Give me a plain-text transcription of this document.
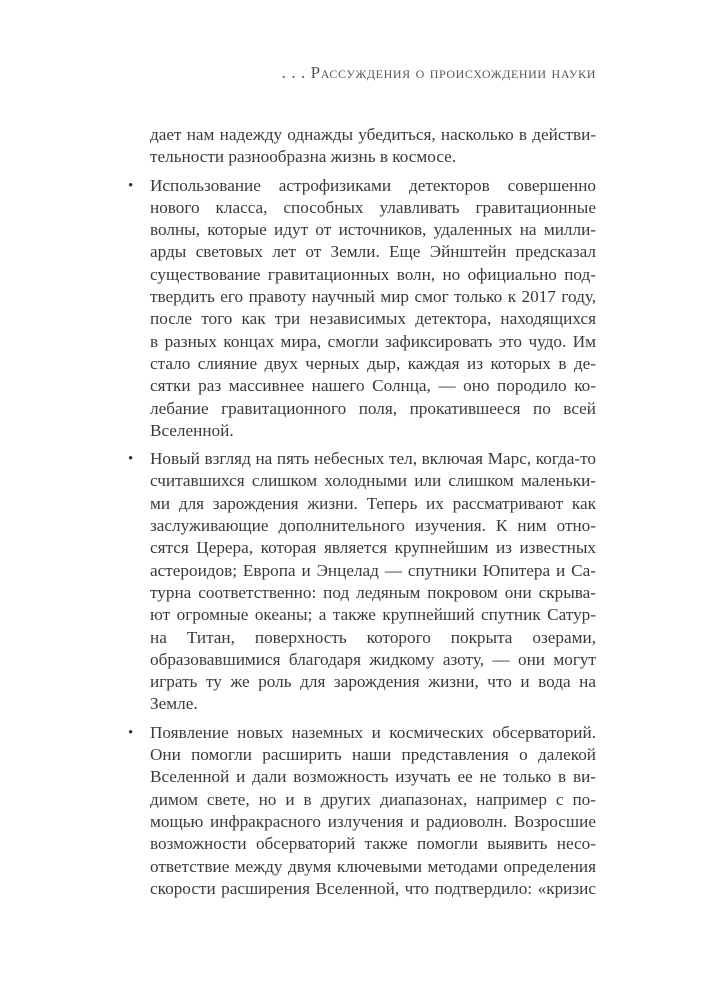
. . . Рассуждения о происхождении науки
дает нам надежду однажды убедиться, насколько в действи-
тельности разнообразна жизнь в космосе.
• Использование астрофизиками детекторов совершенно
нового класса, способных улавливать гравитационные
волны, которые идут от источников, удаленных на милли-
арды световых лет от Земли. Еще Эйнштейн предсказал
существование гравитационных волн, но официально под-
твердить его правоту научный мир смог только к 2017 году,
после того как три независимых детектора, находящихся
в разных концах мира, смогли зафиксировать это чудо. Им
стало слияние двух черных дыр, каждая из которых в де-
сятки раз массивнее нашего Солнца, — оно породило ко-
лебание гравитационного поля, прокатившееся по всей
Вселенной.
• Новый взгляд на пять небесных тел, включая Марс, когда-то
считавшихся слишком холодными или слишком маленьки-
ми для зарождения жизни. Теперь их рассматривают как
заслуживающие дополнительного изучения. К ним отно-
сятся Церера, которая является крупнейшим из известных
астероидов; Европа и Энцелад — спутники Юпитера и Са-
турна соответственно: под ледяным покровом они скрыва-
ют огромные океаны; а также крупнейший спутник Сатур-
на Титан, поверхность которого покрыта озерами,
образовавшимися благодаря жидкому азоту, — они могут
играть ту же роль для зарождения жизни, что и вода на
Земле.
• Появление новых наземных и космических обсерваторий.
Они помогли расширить наши представления о далекой
Вселенной и дали возможность изучать ее не только в ви-
димом свете, но и в других диапазонах, например с по-
мощью инфракрасного излучения и радиоволн. Возросшие
возможности обсерваторий также помогли выявить несо-
ответствие между двумя ключевыми методами определения
скорости расширения Вселенной, что подтвердило: «кризис
